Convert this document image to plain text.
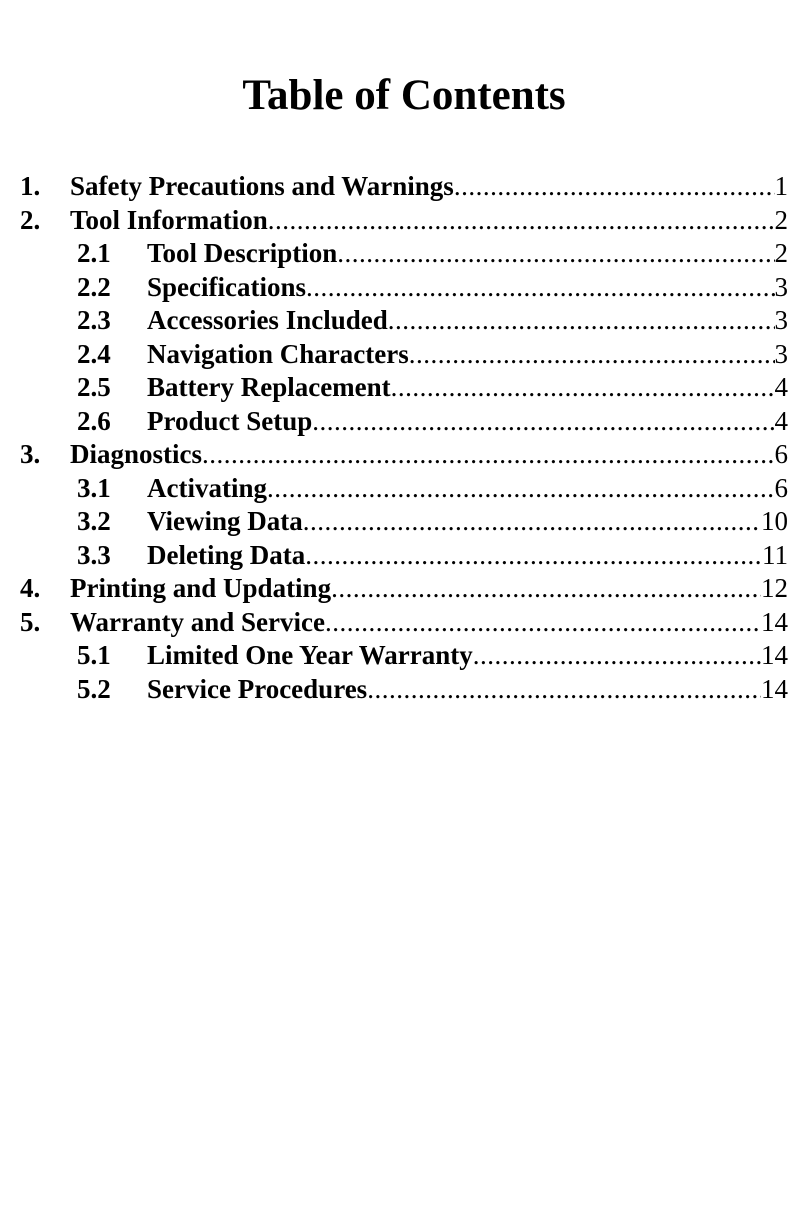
Table of Contents
1.	Safety Precautions and Warnings .....	1
2.	Tool Information .....	2
2.1	Tool Description .....	2
2.2	Specifications .....	3
2.3	Accessories Included .....	3
2.4	Navigation Characters .....	3
2.5	Battery Replacement .....	4
2.6	Product Setup .....	4
3.	Diagnostics .....	6
3.1	Activating .....	6
3.2	Viewing Data .....	10
3.3	Deleting Data .....	11
4.	Printing and Updating .....	12
5.	Warranty and Service .....	14
5.1	Limited One Year Warranty .....	14
5.2	Service Procedures .....	14
